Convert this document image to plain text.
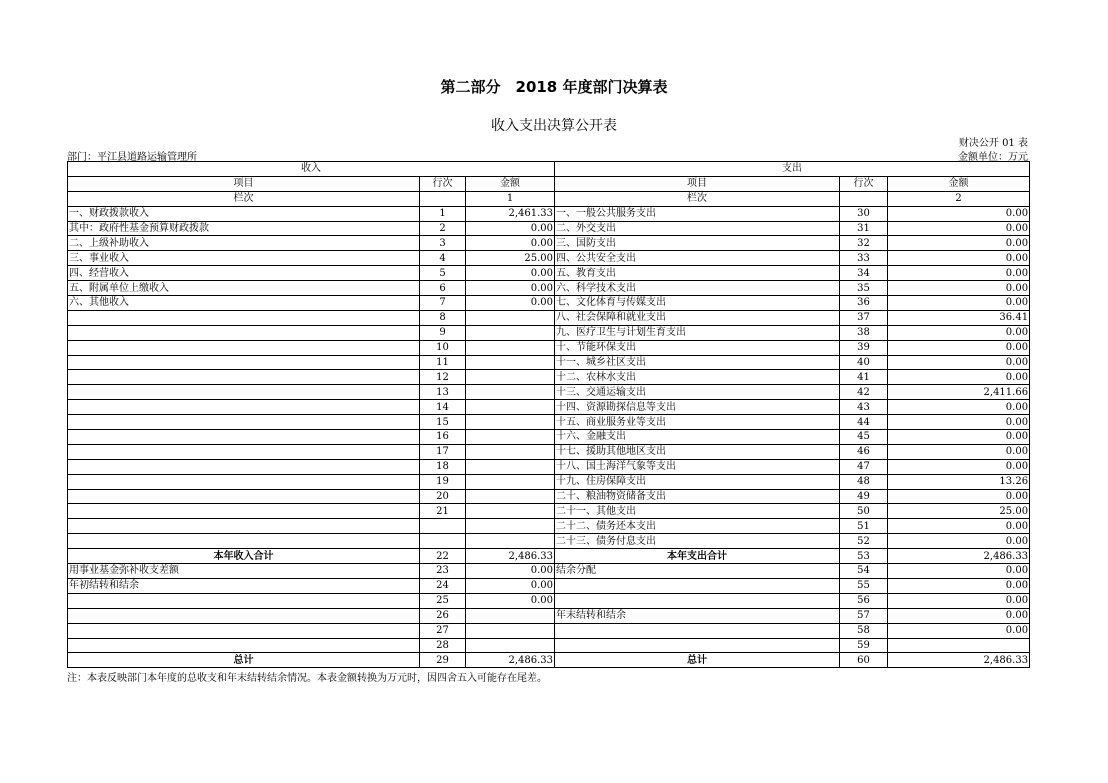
第二部分　2018 年度部门决算表
收入支出决算公开表
财决公开 01 表
部门：平江县道路运输管理所	金额单位：万元
收入			支出		
项目	行次	金额	项目	行次	金额
栏次		1	栏次		2
一、财政拨款收入	1	2,461.33	一、一般公共服务支出	30	0.00
其中：政府性基金预算财政拨款	2	0.00	二、外交支出	31	0.00
二、上级补助收入	3	0.00	三、国防支出	32	0.00
三、事业收入	4	25.00	四、公共安全支出	33	0.00
四、经营收入	5	0.00	五、教育支出	34	0.00
五、附属单位上缴收入	6	0.00	六、科学技术支出	35	0.00
六、其他收入	7	0.00	七、文化体育与传媒支出	36	0.00
	8		八、社会保障和就业支出	37	36.41
	9		九、医疗卫生与计划生育支出	38	0.00
	10		十、节能环保支出	39	0.00
	11		十一、城乡社区支出	40	0.00
	12		十二、农林水支出	41	0.00
	13		十三、交通运输支出	42	2,411.66
	14		十四、资源勘探信息等支出	43	0.00
	15		十五、商业服务业等支出	44	0.00
	16		十六、金融支出	45	0.00
	17		十七、援助其他地区支出	46	0.00
	18		十八、国土海洋气象等支出	47	0.00
	19		十九、住房保障支出	48	13.26
	20		二十、粮油物资储备支出	49	0.00
	21		二十一、其他支出	50	25.00
			二十二、债务还本支出	51	0.00
			二十三、债务付息支出	52	0.00
本年收入合计	22	2,486.33	本年支出合计	53	2,486.33
用事业基金弥补收支差额	23	0.00	结余分配	54	0.00
年初结转和结余	24	0.00		55	0.00
	25	0.00		56	0.00
	26		年末结转和结余	57	0.00
	27			58	0.00
	28			59	
总计	29	2,486.33	总计	60	2,486.33
注：本表反映部门本年度的总收支和年末结转结余情况。本表金额转换为万元时，因四舍五入可能存在尾差。
